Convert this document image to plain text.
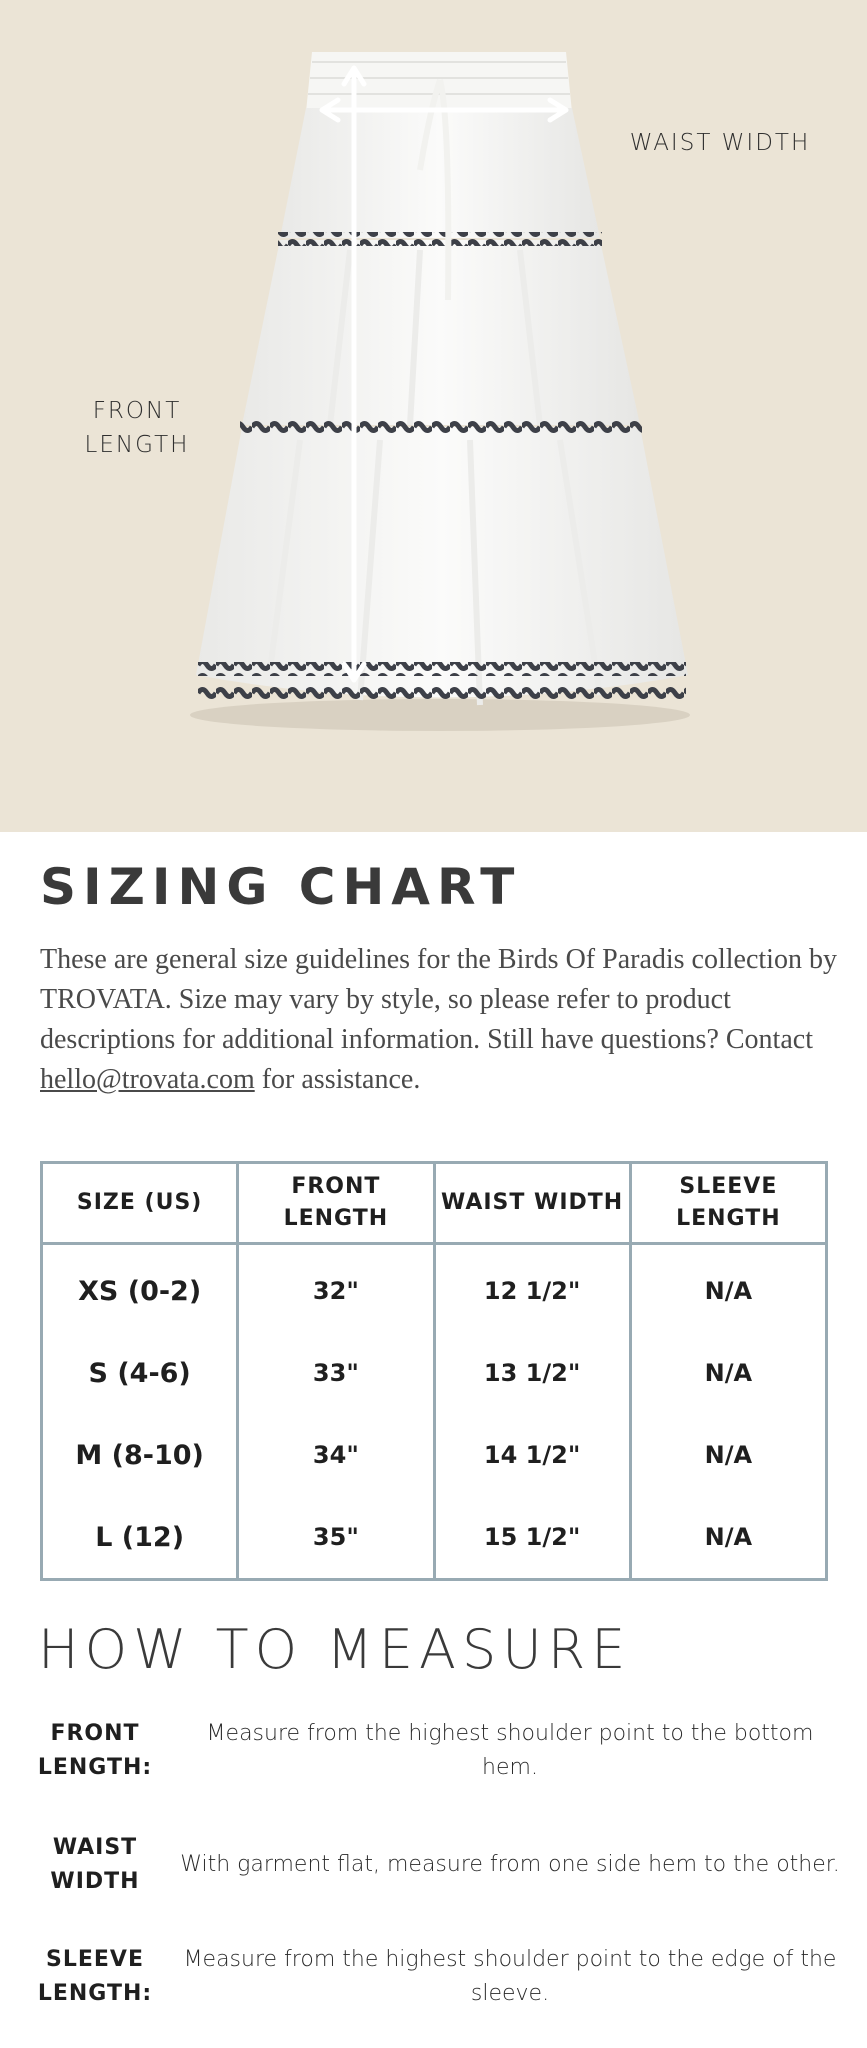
WAIST WIDTH
FRONT
LENGTH
SIZING CHART
These are general size guidelines for the Birds Of Paradis collection by TROVATA. Size may vary by style, so please refer to product descriptions for additional information. Still have questions? Contact hello@trovata.com for assistance.
SIZE (US)	FRONT LENGTH	WAIST WIDTH	SLEEVE LENGTH
XS (0-2)	32"	12 1/2"	N/A
S (4-6)	33"	13 1/2"	N/A
M (8-10)	34"	14 1/2"	N/A
L (12)	35"	15 1/2"	N/A
HOW TO MEASURE
FRONT
LENGTH:
Measure from the highest shoulder point to the bottom hem.
WAIST
WIDTH
With garment flat, measure from one side hem to the other.
SLEEVE
LENGTH:
Measure from the highest shoulder point to the edge of the sleeve.
